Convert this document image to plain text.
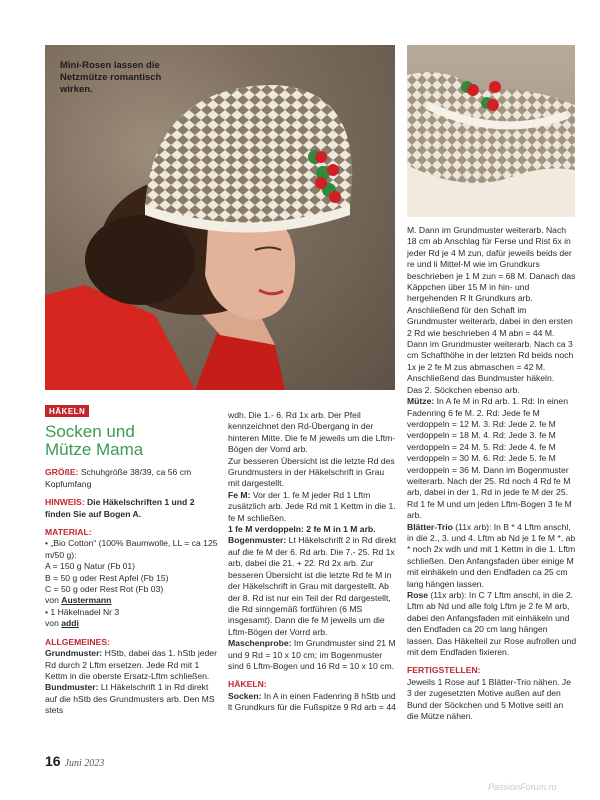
Mini-Rosen lassen die Netzmütze romantisch wirken.

HÄKELN
Socken und
Mütze Mama

GRÖßE: Schuhgröße 38/39, ca 56 cm Kopfumfang

HINWEIS: Die Häkelschriften 1 und 2 finden Sie auf Bogen A.

MATERIAL:

• „Bio Cotton“ (100% Baumwolle, LL = ca 125 m/50 g):

A = 150 g Natur (Fb 01)

B = 50 g oder Rest Apfel (Fb 15)

C = 50 g oder Rest Rot (Fb 03)

von Austermann

• 1 Häkelnadel Nr 3

von addi

ALLGEMEINES:

Grundmuster: HStb, dabei das 1. hStb jeder Rd durch 2 Lftm ersetzen. Jede Rd mit 1 Kettm in die oberste Ersatz-Lftm schließen.

Bundmuster: Lt Häkelschrift 1 in Rd direkt auf die hStb des Grundmusters arb. Den MS stets

wdh. Die 1.- 6. Rd 1x arb. Der Pfeil kennzeichnet den Rd-Übergang in der hinteren Mitte. Die fe M jeweils um die Lftm-Bögen der Vorrd arb.

Zur besseren Übersicht ist die letzte Rd des Grundmusters in der Häkelschrift in Grau mit dargestellt.

Fe M: Vor der 1. fe M jeder Rd 1 Lftm zusätzlich arb. Jede Rd mit 1 Kettm in die 1. fe M schließen.

1 fe M verdoppeln: 2 fe M in 1 M arb.

Bogenmuster: Lt Häkelschrift 2 in Rd direkt auf die fe M der 6. Rd arb. Die 7.- 25. Rd 1x arb, dabei die 21. + 22. Rd 2x arb. Zur besseren Übersicht ist die letzte Rd fe M in der Häkelschrift in Grau mit dargestellt. Ab der 8. Rd ist nur ein Teil der Rd dargestellt, die Rd sinngemäß fortführen (6 MS insgesamt). Dann die fe M jeweils um die Lftm-Bögen der Vorrd arb.

Maschenprobe: Im Grundmuster sind 21 M und 9 Rd = 10 x 10 cm; im Bogenmuster sind 6 Lftm-Bogen und 16 Rd = 10 x 10 cm.

HÄKELN:

Socken: In A in einen Fadenring 8 hStb und lt Grundkurs für die Fußspitze 9 Rd arb = 44

M. Dann im Grundmuster weiterarb. Nach 18 cm ab Anschlag für Ferse und Rist 6x in jeder Rd je 4 M zun, dafür jeweils beids der re und li Mittel-M wie im Grundkurs beschrieben je 1 M zun = 68 M. Danach das Käppchen über 15 M in hin- und hergehenden R lt Grundkurs arb. Anschließend für den Schaft im Grundmuster weiterarb, dabei in den ersten 2 Rd wie beschrieben 4 M abn = 44 M. Dann im Grundmuster weiterarb. Nach ca 3 cm Schafthöhe in der letzten Rd beids noch 1x je 2 fe M zus abmaschen = 42 M. Anschließend das Bundmuster häkeln.

Das 2. Söckchen ebenso arb.

Mütze: In A fe M in Rd arb. 1. Rd: In einen Fadenring 6 fe M. 2. Rd: Jede fe M verdoppeln = 12 M. 3. Rd: Jede 2. fe M verdoppeln = 18 M. 4. Rd: Jede 3. fe M verdoppeln = 24 M. 5. Rd: Jede 4. fe M verdoppeln = 30 M. 6. Rd: Jede 5. fe M verdoppeln = 36 M. Dann im Bogenmuster weiterarb. Nach der 25. Rd noch 4 Rd fe M arb, dabei in der 1. Rd in jede fe M der 25. Rd 1 fe M und um jeden Lftm-Bogen 3 fe M arb.

Blätter-Trio (11x arb): In B * 4 Lftm anschl, in die 2., 3. und 4. Lftm ab Nd je 1 fe M *, ab * noch 2x wdh und mit 1 Kettm in die 1. Lftm schließen. Den Anfangsfaden über einige M mit einhäkeln und den Endfaden ca 25 cm lang hängen lassen.

Rose (11x arb): In C 7 Lftm anschl, in die 2. Lftm ab Nd und alle folg Lftm je 2 fe M arb, dabei den Anfangsfaden mit einhäkeln und den Endfaden ca 20 cm lang hängen lassen. Das Häkelteil zur Rose aufrollen und mit dem Endfaden fixieren.

FERTIGSTELLEN:

Jeweils 1 Rose auf 1 Blätter-Trio nähen. Je 3 der zugesetzten Motive außen auf den Bund der Söckchen und 5 Motive seitl an die Mütze nähen.

16 Juni 2023
PassionForum.ru
